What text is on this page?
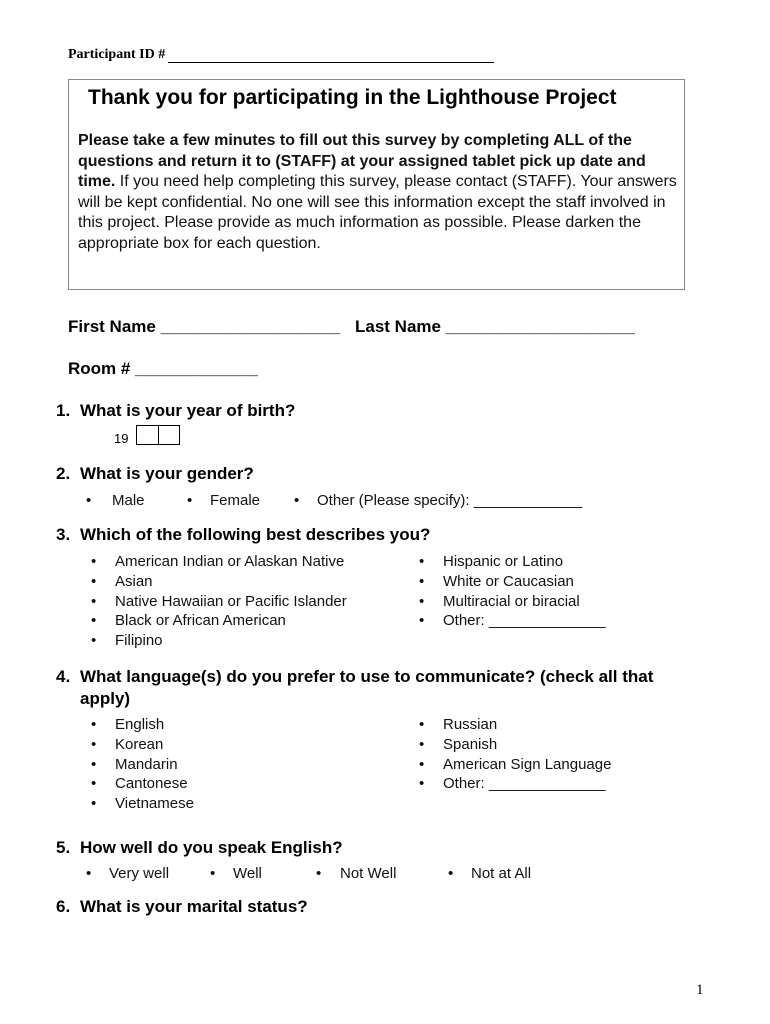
Participant ID #
Thank you for participating in the Lighthouse Project
Please take a few minutes to fill out this survey by completing ALL of the questions and return it to (STAFF) at your assigned tablet pick up date and time. If you need help completing this survey, please contact (STAFF). Your answers will be kept confidential. No one will see this information except the staff involved in this project. Please provide as much information as possible. Please darken the appropriate box for each question.
First Name ___________________ Last Name ____________________
Room # _____________
1. What is your year of birth?
19
2. What is your gender?
• Male	• Female • Other (Please specify): _____________
3. Which of the following best describes you?
• American Indian or Alaskan Native
• Asian
• Native Hawaiian or Pacific Islander
• Black or African American
• Filipino
• Hispanic or Latino
• White or Caucasian
• Multiracial or biracial
• Other: ______________
4. What language(s) do you prefer to use to communicate? (check all that
apply)
• English
• Korean
• Mandarin
• Cantonese
• Vietnamese
• Russian
• Spanish
• American Sign Language
• Other: ______________
5. How well do you speak English?
• Very well	• Well	• Not Well	• Not at All
6. What is your marital status?
1
